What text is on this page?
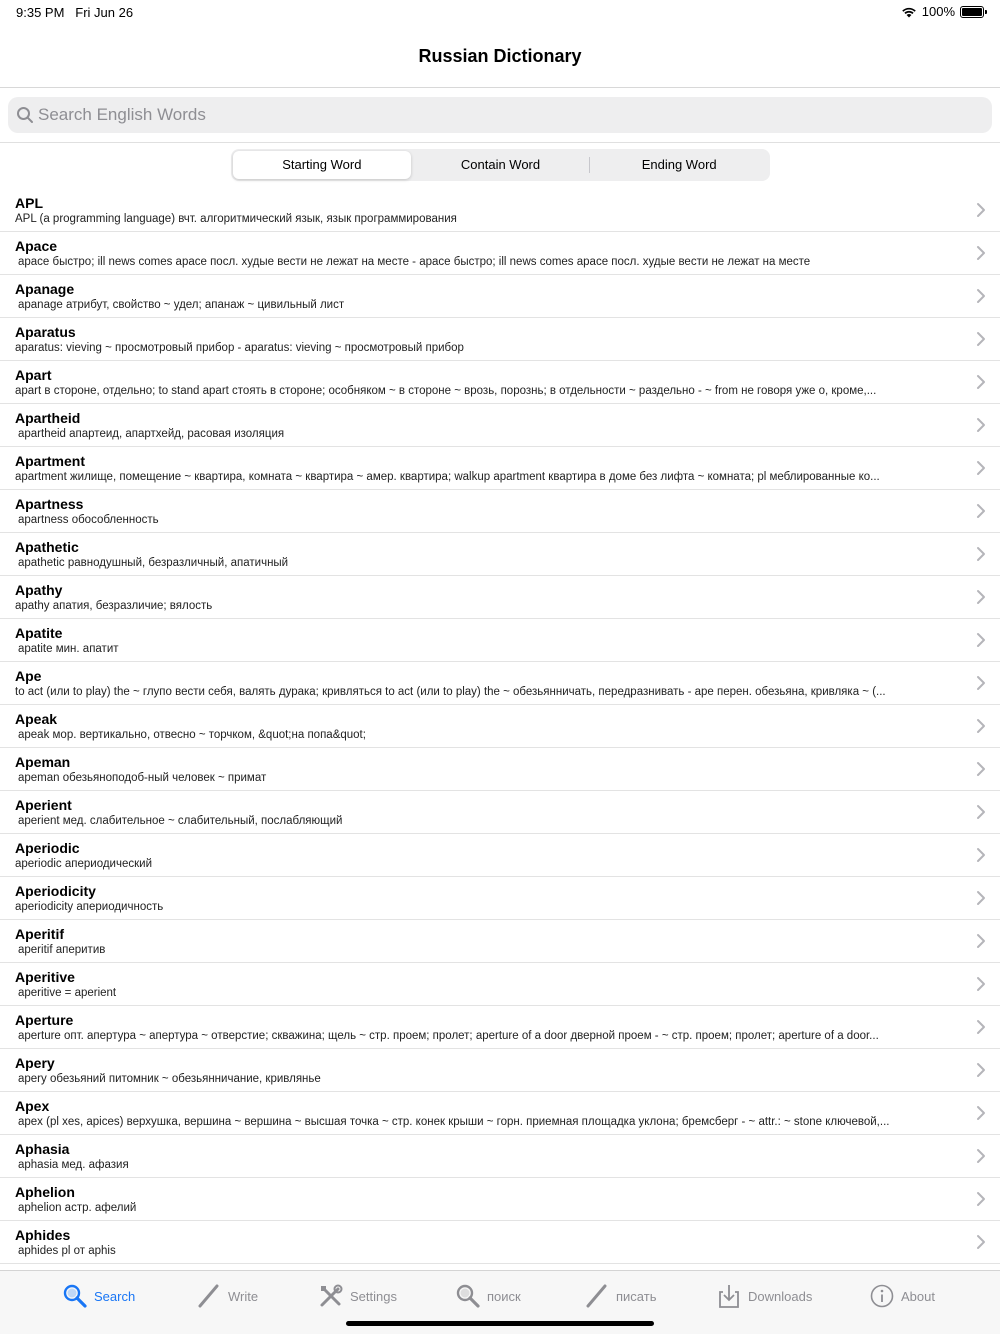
9:35 PM Fri Jun 26	100%
Russian Dictionary
Search English Words
Starting Word	Contain Word	Ending Word
APL
APL (a programming language) вчт. алгоритмический язык, язык программирования
Apace
apace быстро; ill news comes apace посл. худые вести не лежат на месте - apace быстро; ill news comes apace посл. худые вести не лежат на месте
Apanage
apanage атрибут, свойство ~ удел; апанаж ~ цивильный лист
Aparatus
aparatus: vieving ~ просмотровый прибор - aparatus: vieving ~ просмотровый прибор
Apart
apart в стороне, отдельно; to stand apart стоять в стороне; особняком ~ в стороне ~ врозь, порознь; в отдельности ~ раздельно - ~ from не говоря уже о, кроме,...
Apartheid
apartheid апартеид, апартхейд, расовая изоляция
Apartment
apartment жилище, помещение ~ квартира, комната ~ квартира ~ амер. квартира; walkup apartment квартира в доме без лифта ~ комната; pl меблированные ко...
Apartness
apartness обособленность
Apathetic
apathetic равнодушный, безразличный, апатичный
Apathy
apathy апатия, безразличие; вялость
Apatite
apatite мин. апатит
Ape
to act (или to play) the ~ глупо вести себя, валять дурака; кривляться to act (или to play) the ~ обезьянничать, передразнивать - ape перен. обезьяна, кривляка ~ (...
Apeak
apeak мор. вертикально, отвесно ~ торчком, &quot;на попа&quot;
Apeman
apeman обезьяноподоб-ный человек ~ примат
Aperient
aperient мед. слабительное ~ слабительный, послабляющий
Aperiodic
aperiodic апериодический
Aperiodicity
aperiodicity апериодичность
Aperitif
aperitif аперитив
Aperitive
aperitive = aperient
Aperture
aperture опт. апертура ~ апертура ~ отверстие; скважина; щель ~ стр. проем; пролет; aperture of a door дверной проем - ~ стр. проем; пролет; aperture of a door...
Apery
apery обезьяний питомник ~ обезьянничание, кривлянье
Apex
apex (pl xes, apices) верхушка, вершина ~ вершина ~ высшая точка ~ стр. конек крыши ~ горн. приемная площадка уклона; бремсберг - ~ attr.: ~ stone ключевой,...
Aphasia
aphasia мед. афазия
Aphelion
aphelion астр. афелий
Aphides
aphides pl от aphis
Search	Write	Settings	поиск	писать	Downloads	About
